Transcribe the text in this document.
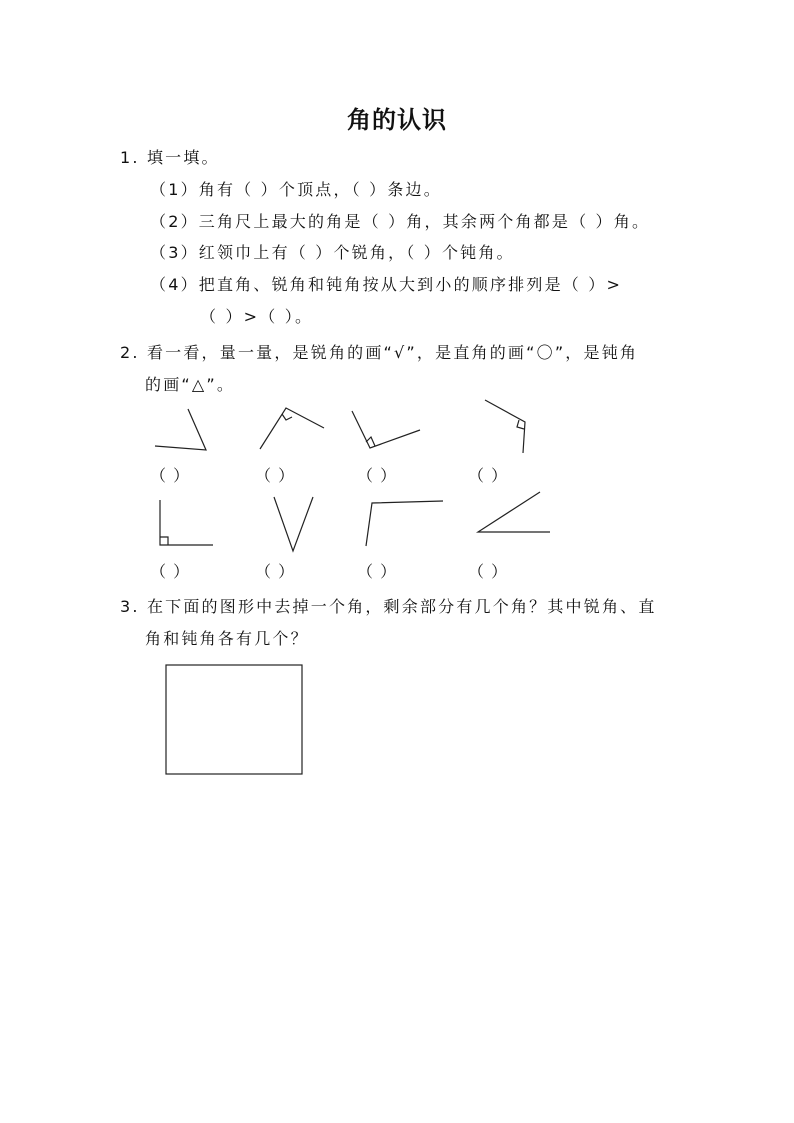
角的认识
1. 填一填。
（1）角有（ ）个顶点，（ ）条边。
（2）三角尺上最大的角是（ ）角，其余两个角都是（ ）角。
（3）红领巾上有（ ）个锐角，（ ）个钝角。
（4）把直角、锐角和钝角按从大到小的顺序排列是（ ）>
（ ）>（ ）。
2. 看一看，量一量，是锐角的画“√”，是直角的画“〇”，是钝角
的画“△”。
（ ）	（ ）	（ ）	（ ）
（ ）	（ ）	（ ）	（ ）
3. 在下面的图形中去掉一个角，剩余部分有几个角？其中锐角、直
角和钝角各有几个？
